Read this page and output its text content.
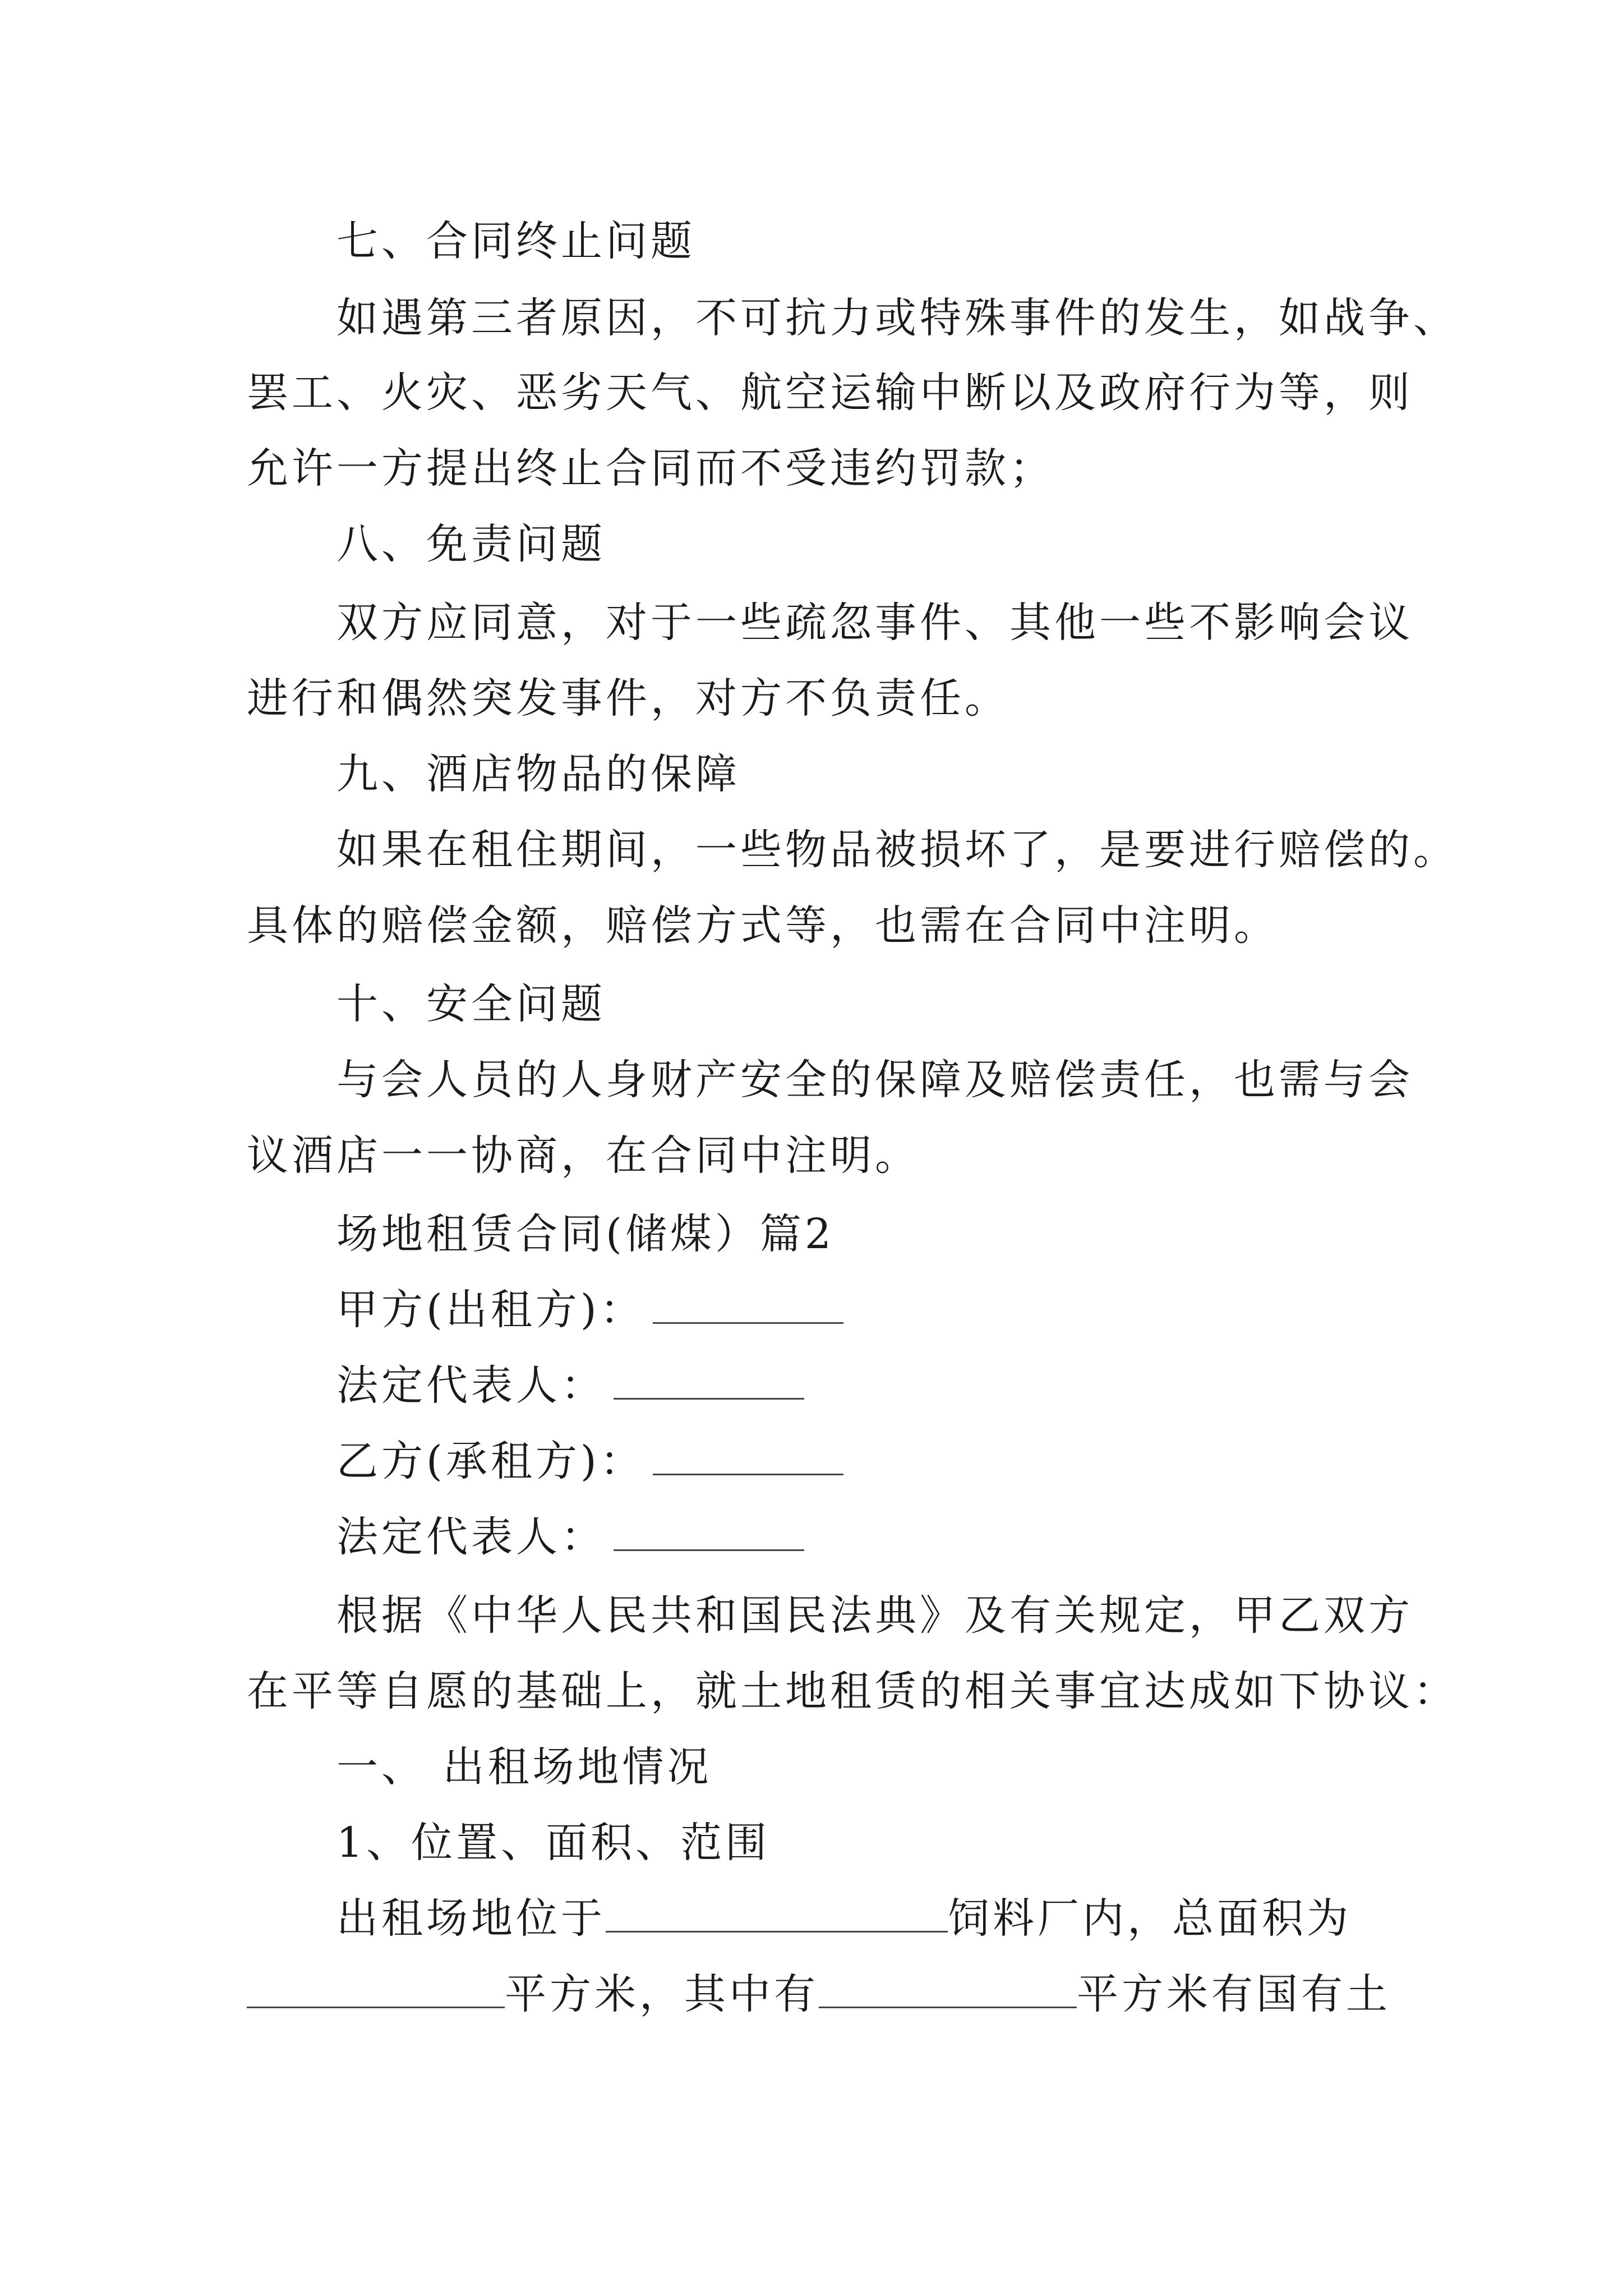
七、合同终止问题
如遇第三者原因，不可抗力或特殊事件的发生，如战争、
罢工、火灾、恶劣天气、航空运输中断以及政府行为等，则
允许一方提出终止合同而不受违约罚款；
八、免责问题
双方应同意，对于一些疏忽事件、其他一些不影响会议
进行和偶然突发事件，对方不负责任。
九、酒店物品的保障
如果在租住期间，一些物品被损坏了，是要进行赔偿的。
具体的赔偿金额，赔偿方式等，也需在合同中注明。
十、安全问题
与会人员的人身财产安全的保障及赔偿责任，也需与会
议酒店一一协商，在合同中注明。
场地租赁合同(储煤）篇2
甲方(出租方)：
法定代表人：
乙方(承租方)：
法定代表人：
根据《中华人民共和国民法典》及有关规定，甲乙双方
在平等自愿的基础上，就土地租赁的相关事宜达成如下协议：
一、 出租场地情况
1、位置、面积、范围
出租场地位于	饲料厂内，总面积为
平方米，其中有	平方米有国有土
